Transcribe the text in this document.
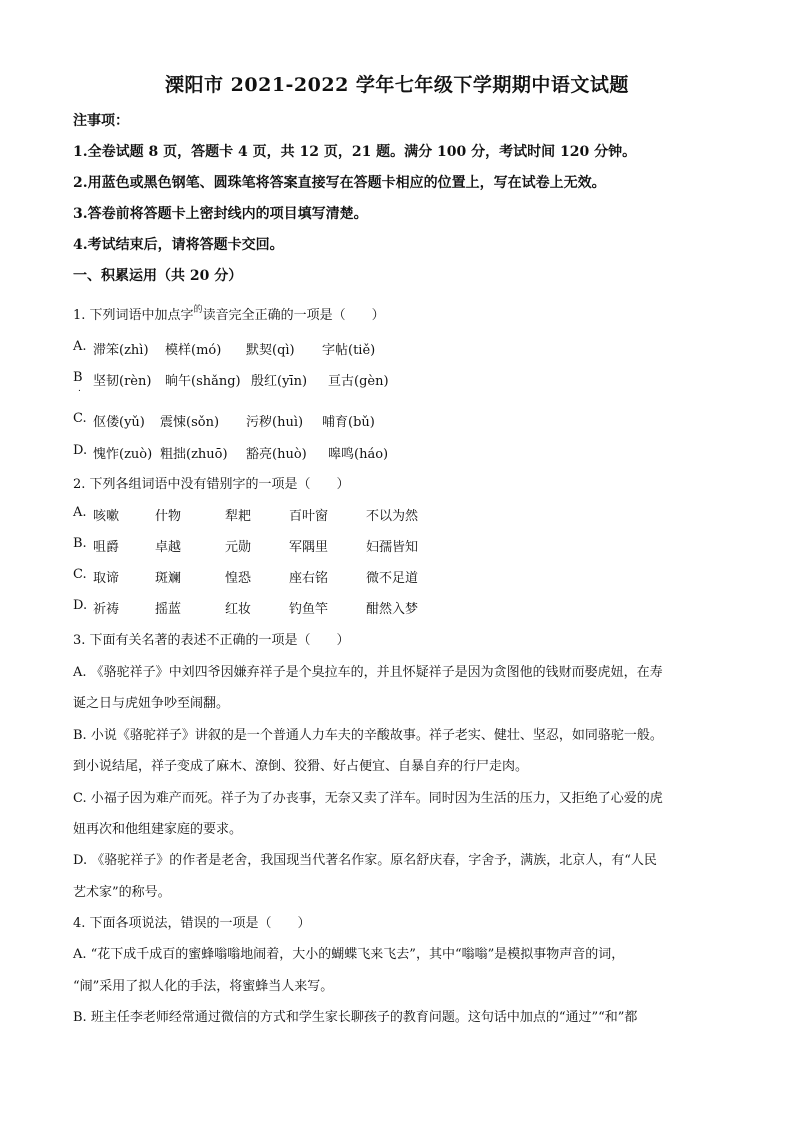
溧阳市 2021-2022 学年七年级下学期期中语文试题
注事项：
1.全卷试题 8 页，答题卡 4 页，共 12 页，21 题。满分 100 分，考试时间 120 分钟。
2.用蓝色或黑色钢笔、圆珠笔将答案直接写在答题卡相应的位置上，写在试卷上无效。
3.答卷前将答题卡上密封线内的项目填写清楚。
4.考试结束后，请将答题卡交回。
一、积累运用（共 20 分）
1. 下列词语中加点字$^的$读音完全正确的一项是（　　）
A. 滞笨(zhì) 模样(mó) 默契(qì) 字帖(tiě)
B
. 坚韧(rèn) 晌午(shǎng) 殷红(yīn) 亘古(gèn)
C. 伛偻(yǔ) 震悚(sǒn) 污秽(huì) 哺育(bǔ)
D. 愧怍(zuò) 粗拙(zhuō) 豁亮(huò) 嗥鸣(háo)
2. 下列各组词语中没有错别字的一项是（　　）
A. 咳嗽	什物	犁耙	百叶窗	不以为然
B. 咀爵	卓越	元勋	军隅里	妇孺皆知
C. 取谛	斑斓	惶恐	座右铭	微不足道
D. 祈祷	摇蓝	红妆	钓鱼竿	酣然入梦
3. 下面有关名著的表述不正确的一项是（　　）
A. 《骆驼祥子》中刘四爷因嫌弃祥子是个臭拉车的，并且怀疑祥子是因为贪图他的钱财而娶虎妞，在寿
诞之日与虎妞争吵至闹翻。
B. 小说《骆驼祥子》讲叙的是一个普通人力车夫的辛酸故事。祥子老实、健壮、坚忍，如同骆驼一般。
到小说结尾，祥子变成了麻木、潦倒、狡猾、好占便宜、自暴自弃的行尸走肉。
C. 小福子因为难产而死。祥子为了办丧事，无奈又卖了洋车。同时因为生活的压力，又拒绝了心爱的虎
妞再次和他组建家庭的要求。
D. 《骆驼祥子》的作者是老舍，我国现当代著名作家。原名舒庆春，字舍予，满族，北京人，有“人民
艺术家”的称号。
4. 下面各项说法，错误的一项是（　　）
A. “花下成千成百的蜜蜂嗡嗡地闹着，大小的蝴蝶飞来飞去”，其中“嗡嗡”是模拟事物声音的词，
“闹”采用了拟人化的手法，将蜜蜂当人来写。
B. 班主任李老师经常通过微信的方式和学生家长聊孩子的教育问题。这句话中加点的“通过”“和”都
